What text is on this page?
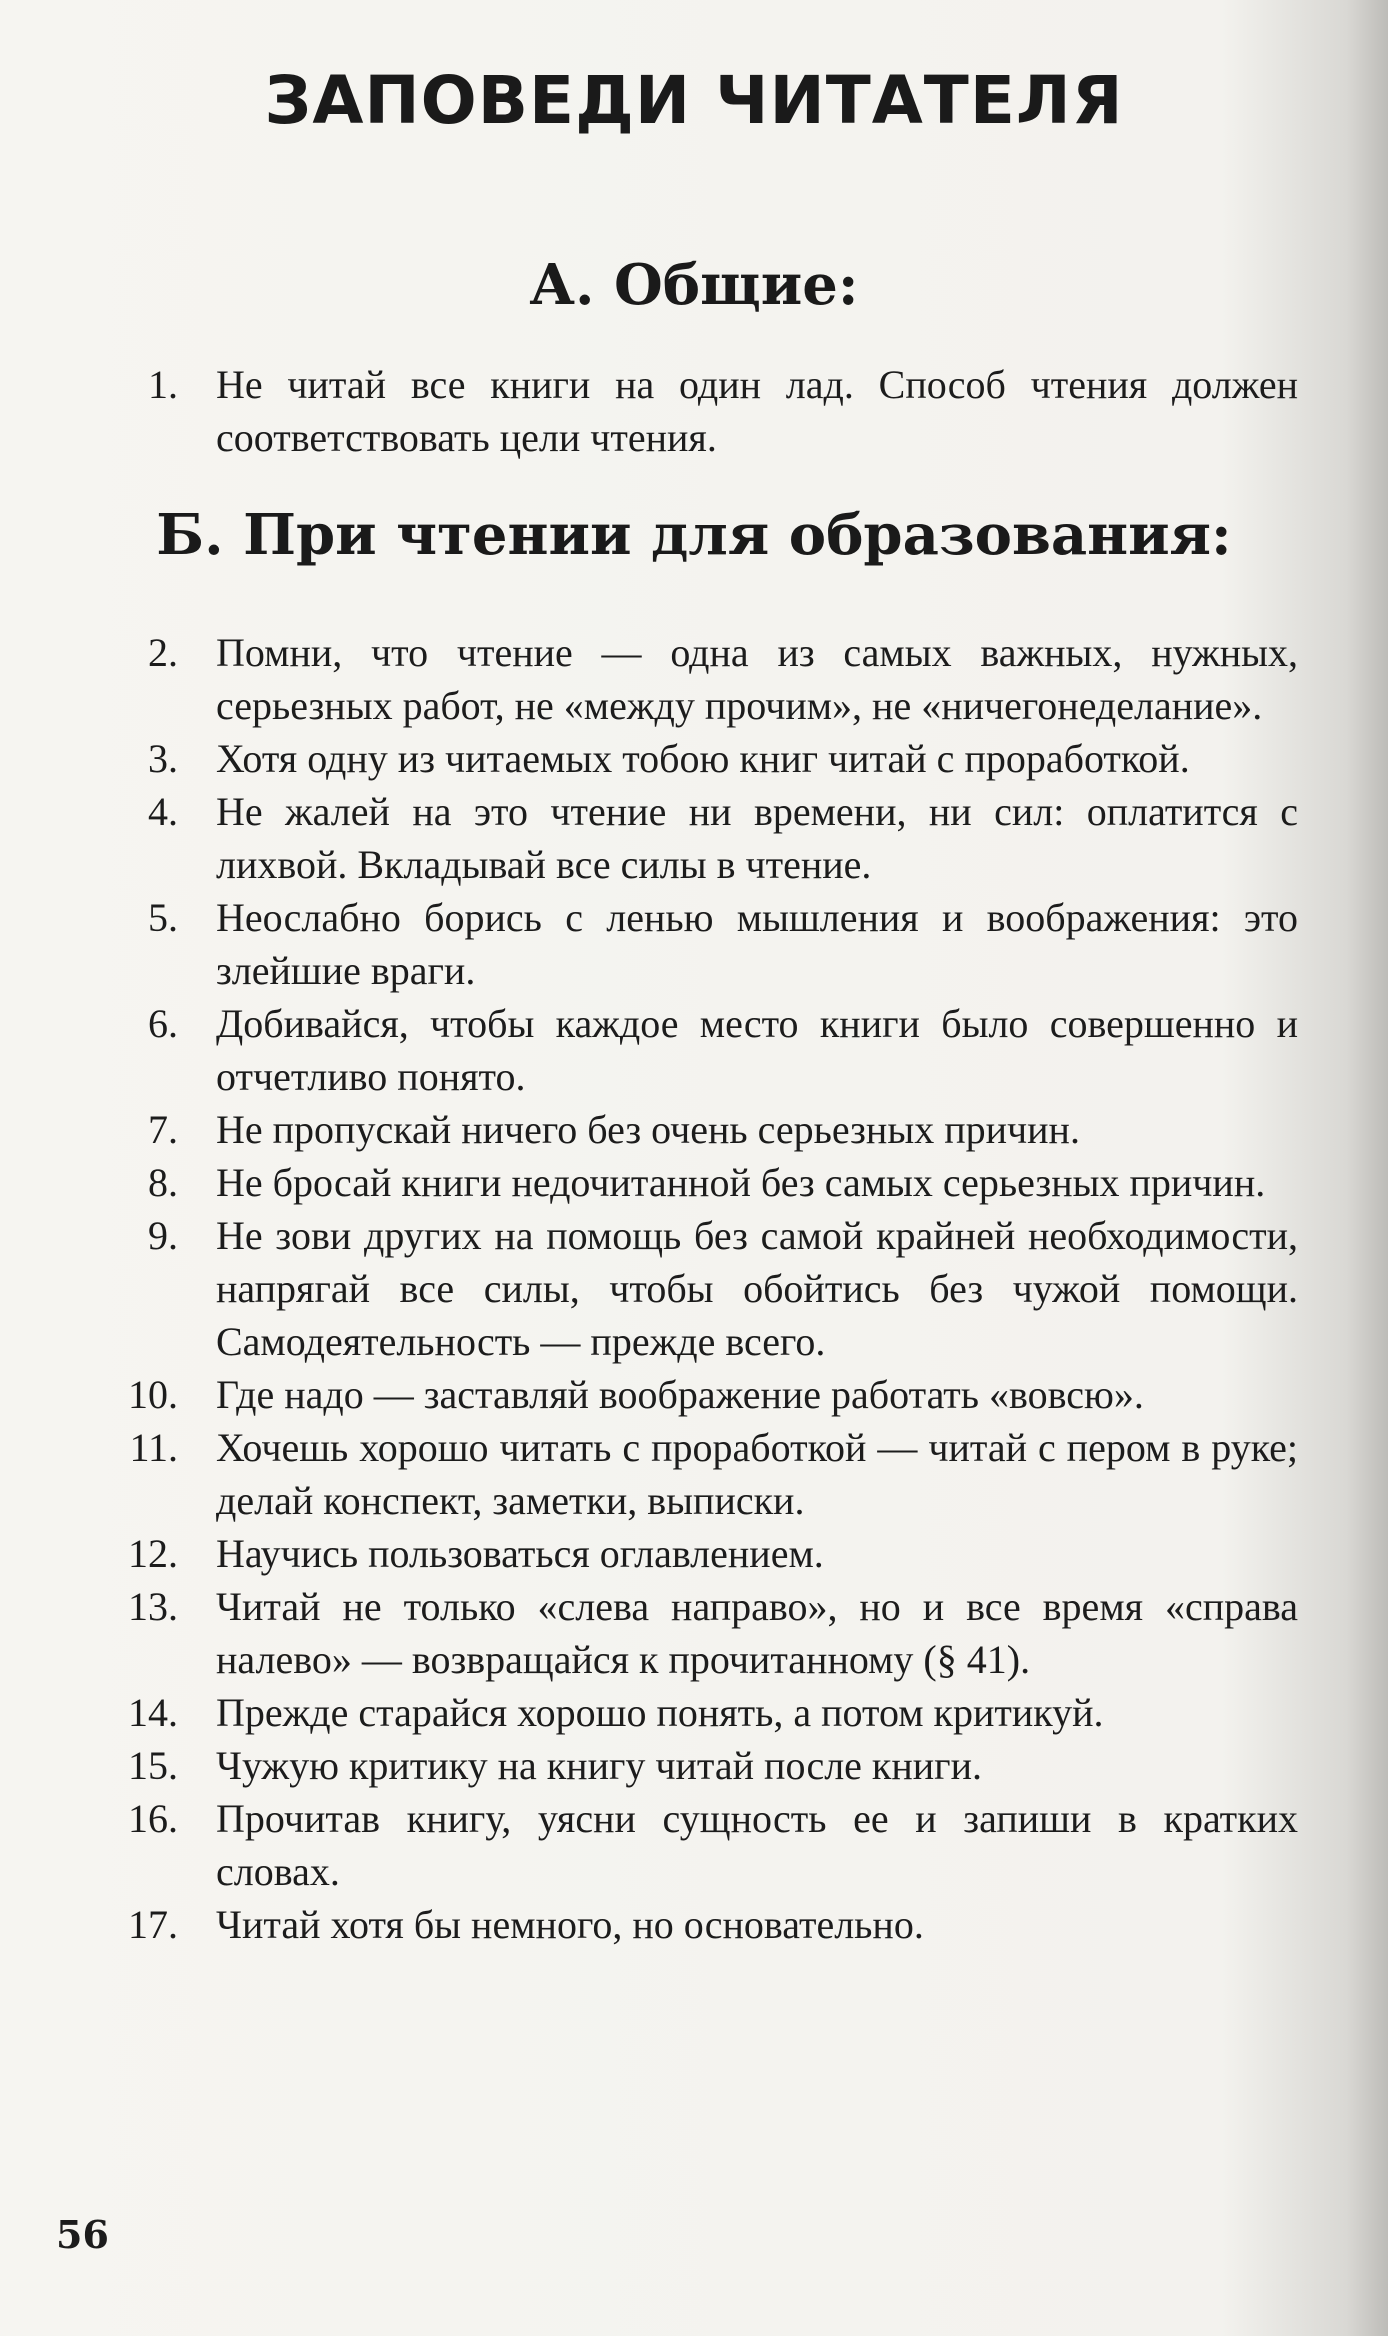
ЗАПОВЕДИ ЧИТАТЕЛЯ
А. Общие:
1. Не читай все книги на один лад. Способ чтения должен соответствовать цели чтения.
Б. При чтении для образования:
2. Помни, что чтение — одна из самых важных, нужных, серьезных работ, не «между прочим», не «ничегонеделание».
3. Хотя одну из читаемых тобою книг читай с проработкой.
4. Не жалей на это чтение ни времени, ни сил: оплатится с лихвой. Вкладывай все силы в чтение.
5. Неослабно борись с ленью мышления и воображения: это злейшие враги.
6. Добивайся, чтобы каждое место книги было совершенно и отчетливо понято.
7. Не пропускай ничего без очень серьезных причин.
8. Не бросай книги недочитанной без самых серьезных причин.
9. Не зови других на помощь без самой крайней необходимости, напрягай все силы, чтобы обойтись без чужой помощи. Самодеятельность — прежде всего.
10. Где надо — заставляй воображение работать «вовсю».
11. Хочешь хорошо читать с проработкой — читай с пером в руке; делай конспект, заметки, выписки.
12. Научись пользоваться оглавлением.
13. Читай не только «слева направо», но и все время «справа налево» — возвращайся к прочитанному (§ 41).
14. Прежде старайся хорошо понять, а потом критикуй.
15. Чужую критику на книгу читай после книги.
16. Прочитав книгу, уясни сущность ее и запиши в кратких словах.
17. Читай хотя бы немного, но основательно.
56
